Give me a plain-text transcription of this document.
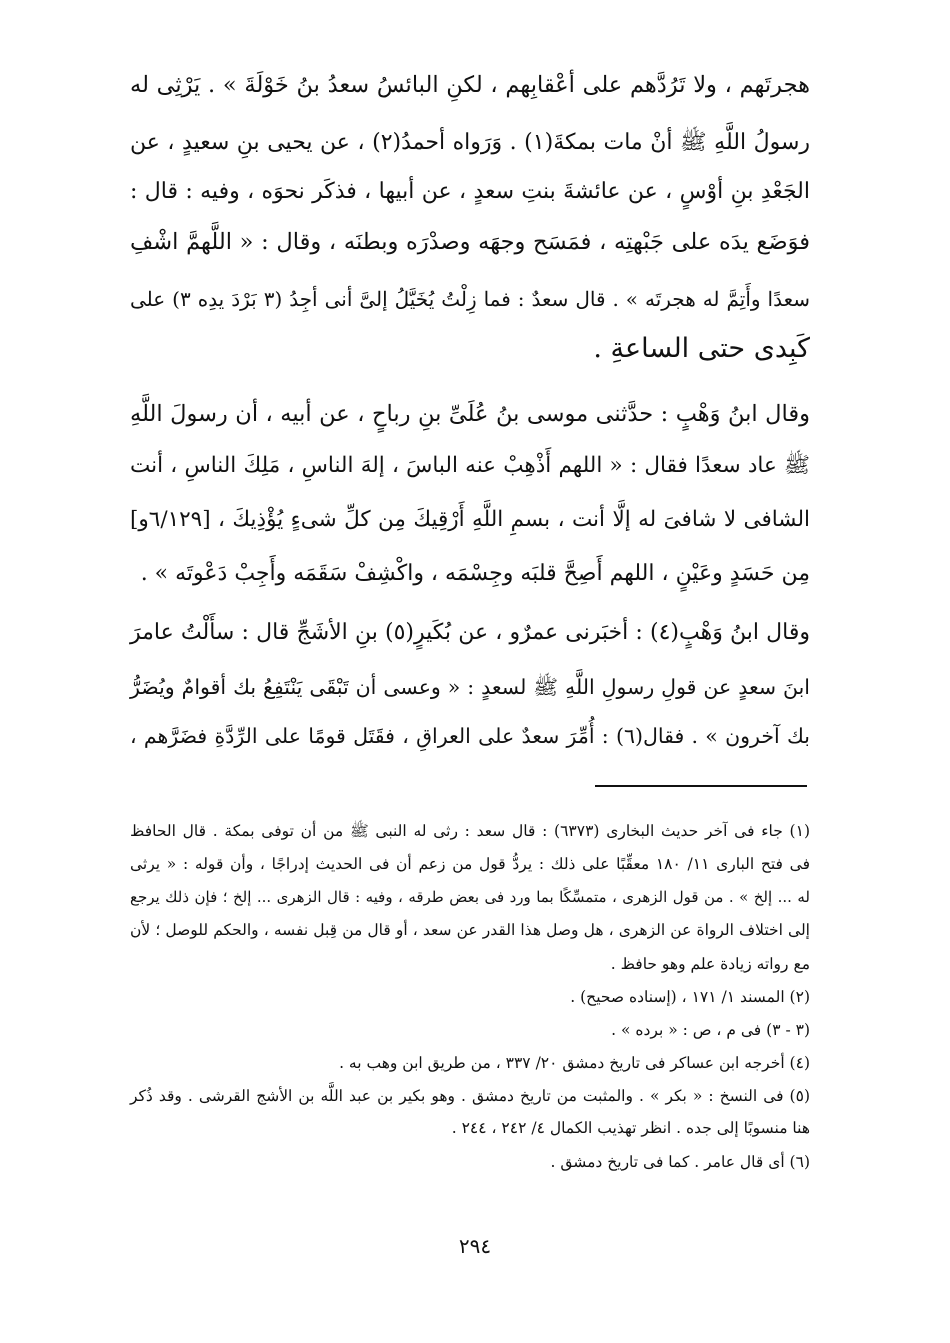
هجرتَهم ، ولا تَرُدَّهم على أعْقابِهم ، لكنِ البائسُ سعدُ بنُ خَوْلَةَ » . يَرْثِى له
رسولُ اللَّهِ ﷺ أنْ مات بمكةَ(١) . وَرَواه أحمدُ(٢) ، عن يحيى بنِ سعيدٍ ، عن
الجَعْدِ بنِ أوْسٍ ، عن عائشةَ بنتِ سعدٍ ، عن أبيها ، فذكَر نحوَه ، وفيه : قال :
فوَضَع يدَه على جَبْهتِه ، فمَسَح وجهَه وصدْرَه وبطنَه ، وقال : « اللَّهمَّ اشْفِ
سعدًا وأَتِمَّ له هجرتَه » . قال سعدٌ : فما زِلْتُ يُخَيَّلُ إلىَّ أنى أجِدُ (٣ بَرْدَ يدِه ٣) على
كَبِدى حتى الساعةِ .
وقال ابنُ وَهْبٍ : حدَّثنى موسى بنُ عُلَىِّ بنِ رباحٍ ، عن أبيه ، أن رسولَ اللَّهِ
ﷺ عاد سعدًا فقال : « اللهم أَذْهِبْ عنه الباسَ ، إلهَ الناسِ ، مَلِكَ الناسِ ، أنت
الشافى لا شافىَ له إلَّا أنت ، بسمِ اللَّهِ أَرْقِيكَ مِن كلِّ شىءٍ يُؤْذِيكَ ، [٦/١٢٩و]
مِن حَسَدٍ وعَيْنٍ ، اللهم أَصِحَّ قلبَه وجِسْمَه ، واكْشِفْ سَقَمَه وأَجِبْ دَعْوتَه » .
وقال ابنُ وَهْبٍ(٤) : أخبَرنى عمرٌو ، عن بُكَيرٍ(٥) بنِ الأشَجِّ قال : سأَلْتُ عامرَ
ابنَ سعدٍ عن قولِ رسولِ اللَّهِ ﷺ لسعدٍ : « وعسى أن تَبْقَى يَنْتَفِعُ بك أقوامٌ ويُضَرُّ
بك آخرون » . فقال(٦) : أُمِّرَ سعدٌ على العراقِ ، فقَتَل قومًا على الرِّدَّةِ فضَرَّهم ،
(١) جاء فى آخر حديث البخارى (٦٣٧٣) : قال سعد : رثى له النبى ﷺ من أن توفى بمكة . قال الحافظ
فى فتح البارى ١١/ ١٨٠ معقِّبًا على ذلك : يردُّ قول من زعم أن فى الحديث إدراجًا ، وأن قوله : « يرثى
له ... إلخ » . من قول الزهرى ، متمسِّكًا بما ورد فى بعض طرقه ، وفيه : قال الزهرى ... إلخ ؛ فإن ذلك يرجع
إلى اختلاف الرواة عن الزهرى ، هل وصل هذا القدر عن سعد ، أو قال من قِبل نفسه ، والحكم للوصل ؛ لأن
مع رواته زيادة علم وهو حافظ .
(٢) المسند ١/ ١٧١ ، (إسناده صحيح) .
(٣ - ٣) فى م ، ص : « برده » .
(٤) أخرجه ابن عساكر فى تاريخ دمشق ٢٠/ ٣٣٧ ، من طريق ابن وهب به .
(٥) فى النسخ : « بكر » . والمثبت من تاريخ دمشق . وهو بكير بن عبد اللَّه بن الأشج القرشى . وقد ذُكر
هنا منسوبًا إلى جده . انظر تهذيب الكمال ٤/ ٢٤٢ ، ٢٤٤ .
(٦) أى قال عامر . كما فى تاريخ دمشق .
٢٩٤
